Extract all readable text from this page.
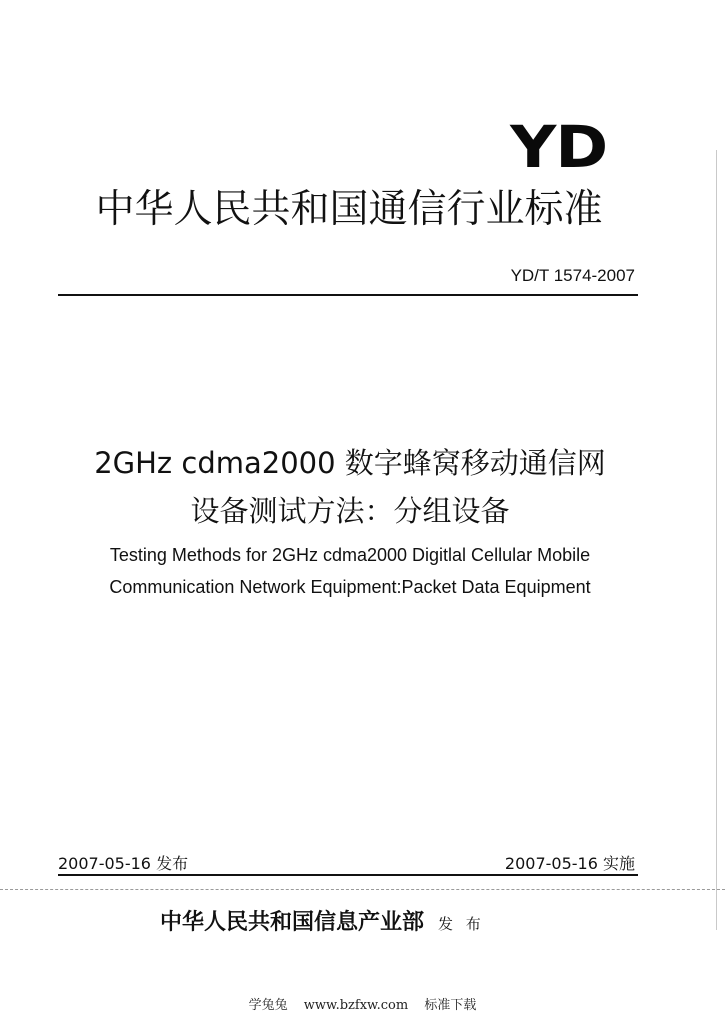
YD
中华人民共和国通信行业标准
YD/T 1574-2007
2GHz cdma2000 数字蜂窝移动通信网
设备测试方法：分组设备
Testing Methods for 2GHz cdma2000 Digitlal Cellular Mobile
Communication Network Equipment:Packet Data Equipment
2007-05-16 发布	2007-05-16 实施
中华人民共和国信息产业部 发 布
学兔兔 www.bzfxw.com 标准下载
